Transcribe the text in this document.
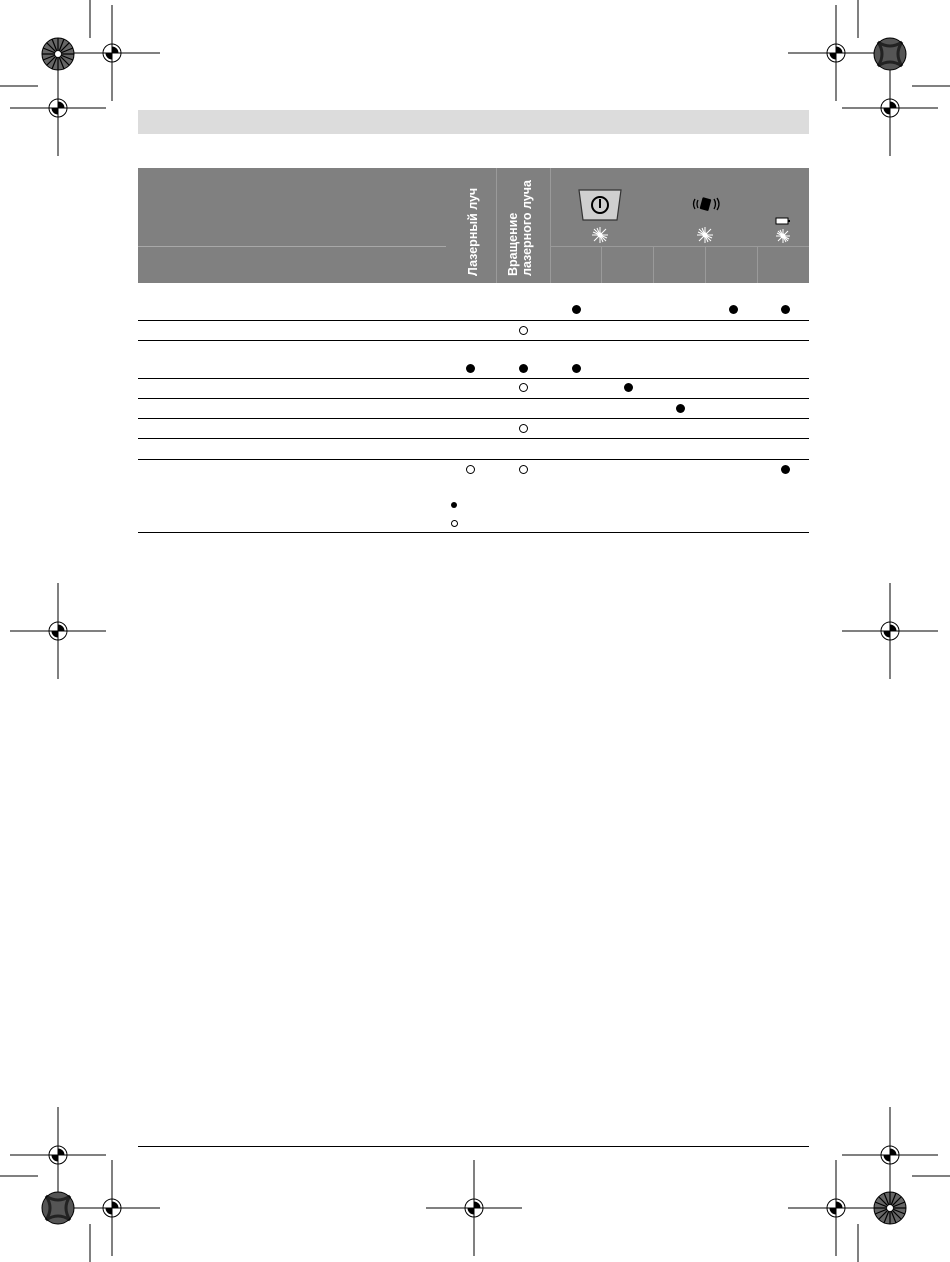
Лазерный луч Вращение лазерного луча
